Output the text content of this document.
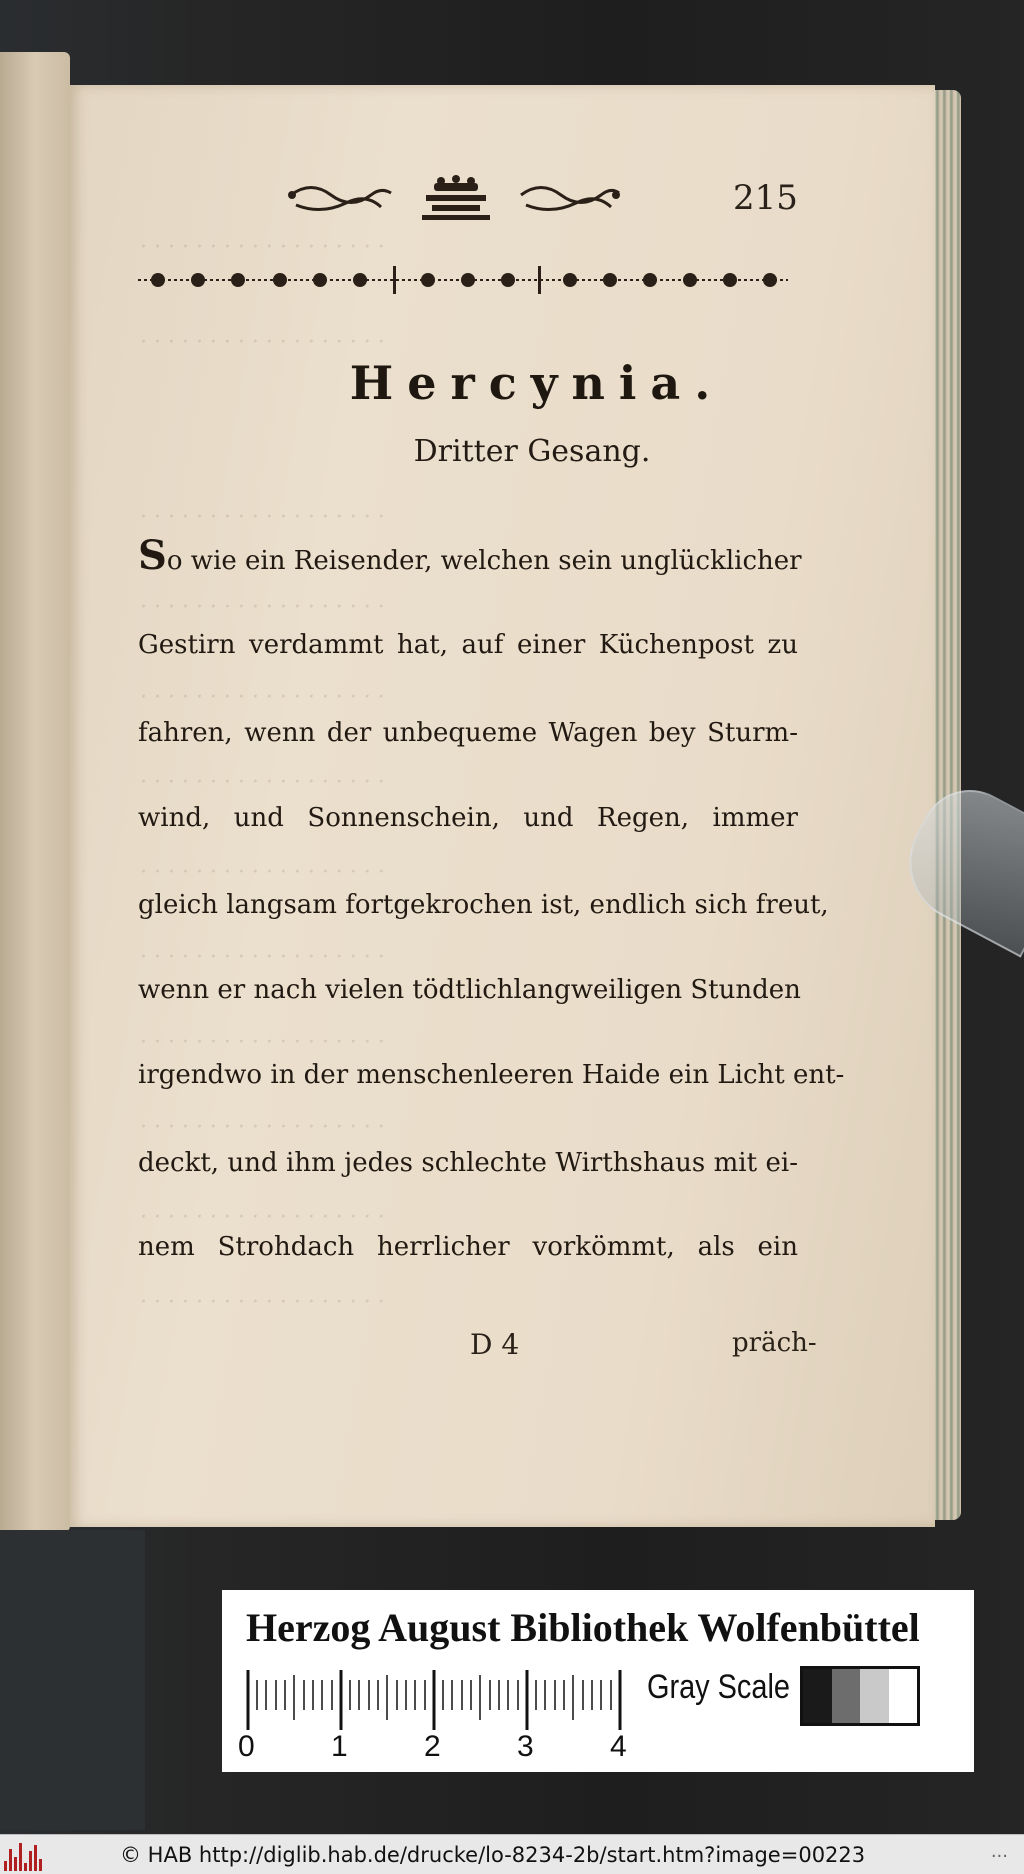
· · · · · · · · · · · · · · · · · ·
· · · · · · · · · · · · · · · · · ·
· · · · · · · · · · · · · · · · · ·
· · · · · · · · · · · · · · · · · ·
· · · · · · · · · · · · · · · · · ·
· · · · · · · · · · · · · · · · · ·
· · · · · · · · · · · · · · · · · ·
· · · · · · · · · · · · · · · · · ·
· · · · · · · · · · · · · · · · · ·
· · · · · · · · · · · · · · · · · ·
· · · · · · · · · · · · · · · · · ·
· · · · · · · · · · · · · · · · · ·
215
Hercynia.
Dritter Gesang.
So wie ein Reisender, welchen sein unglücklicher
Gestirn verdammt hat, auf einer Küchenpost zu
fahren, wenn der unbequeme Wagen bey Sturm-
wind, und Sonnenschein, und Regen, immer
gleich langsam fortgekrochen ist, endlich sich freut,
wenn er nach vielen tödtlichlangweiligen Stunden
irgendwo in der menschenleeren Haide ein Licht ent-
deckt, und ihm jedes schlechte Wirthshaus mit ei-
nem Strohdach herrlicher vorkömmt, als ein
D 4	präch-
Herzog August Bibliothek Wolfenbüttel
0	1	2	3	4
Gray Scale
© HAB http://diglib.hab.de/drucke/lo-8234-2b/start.htm?image=00223	...
